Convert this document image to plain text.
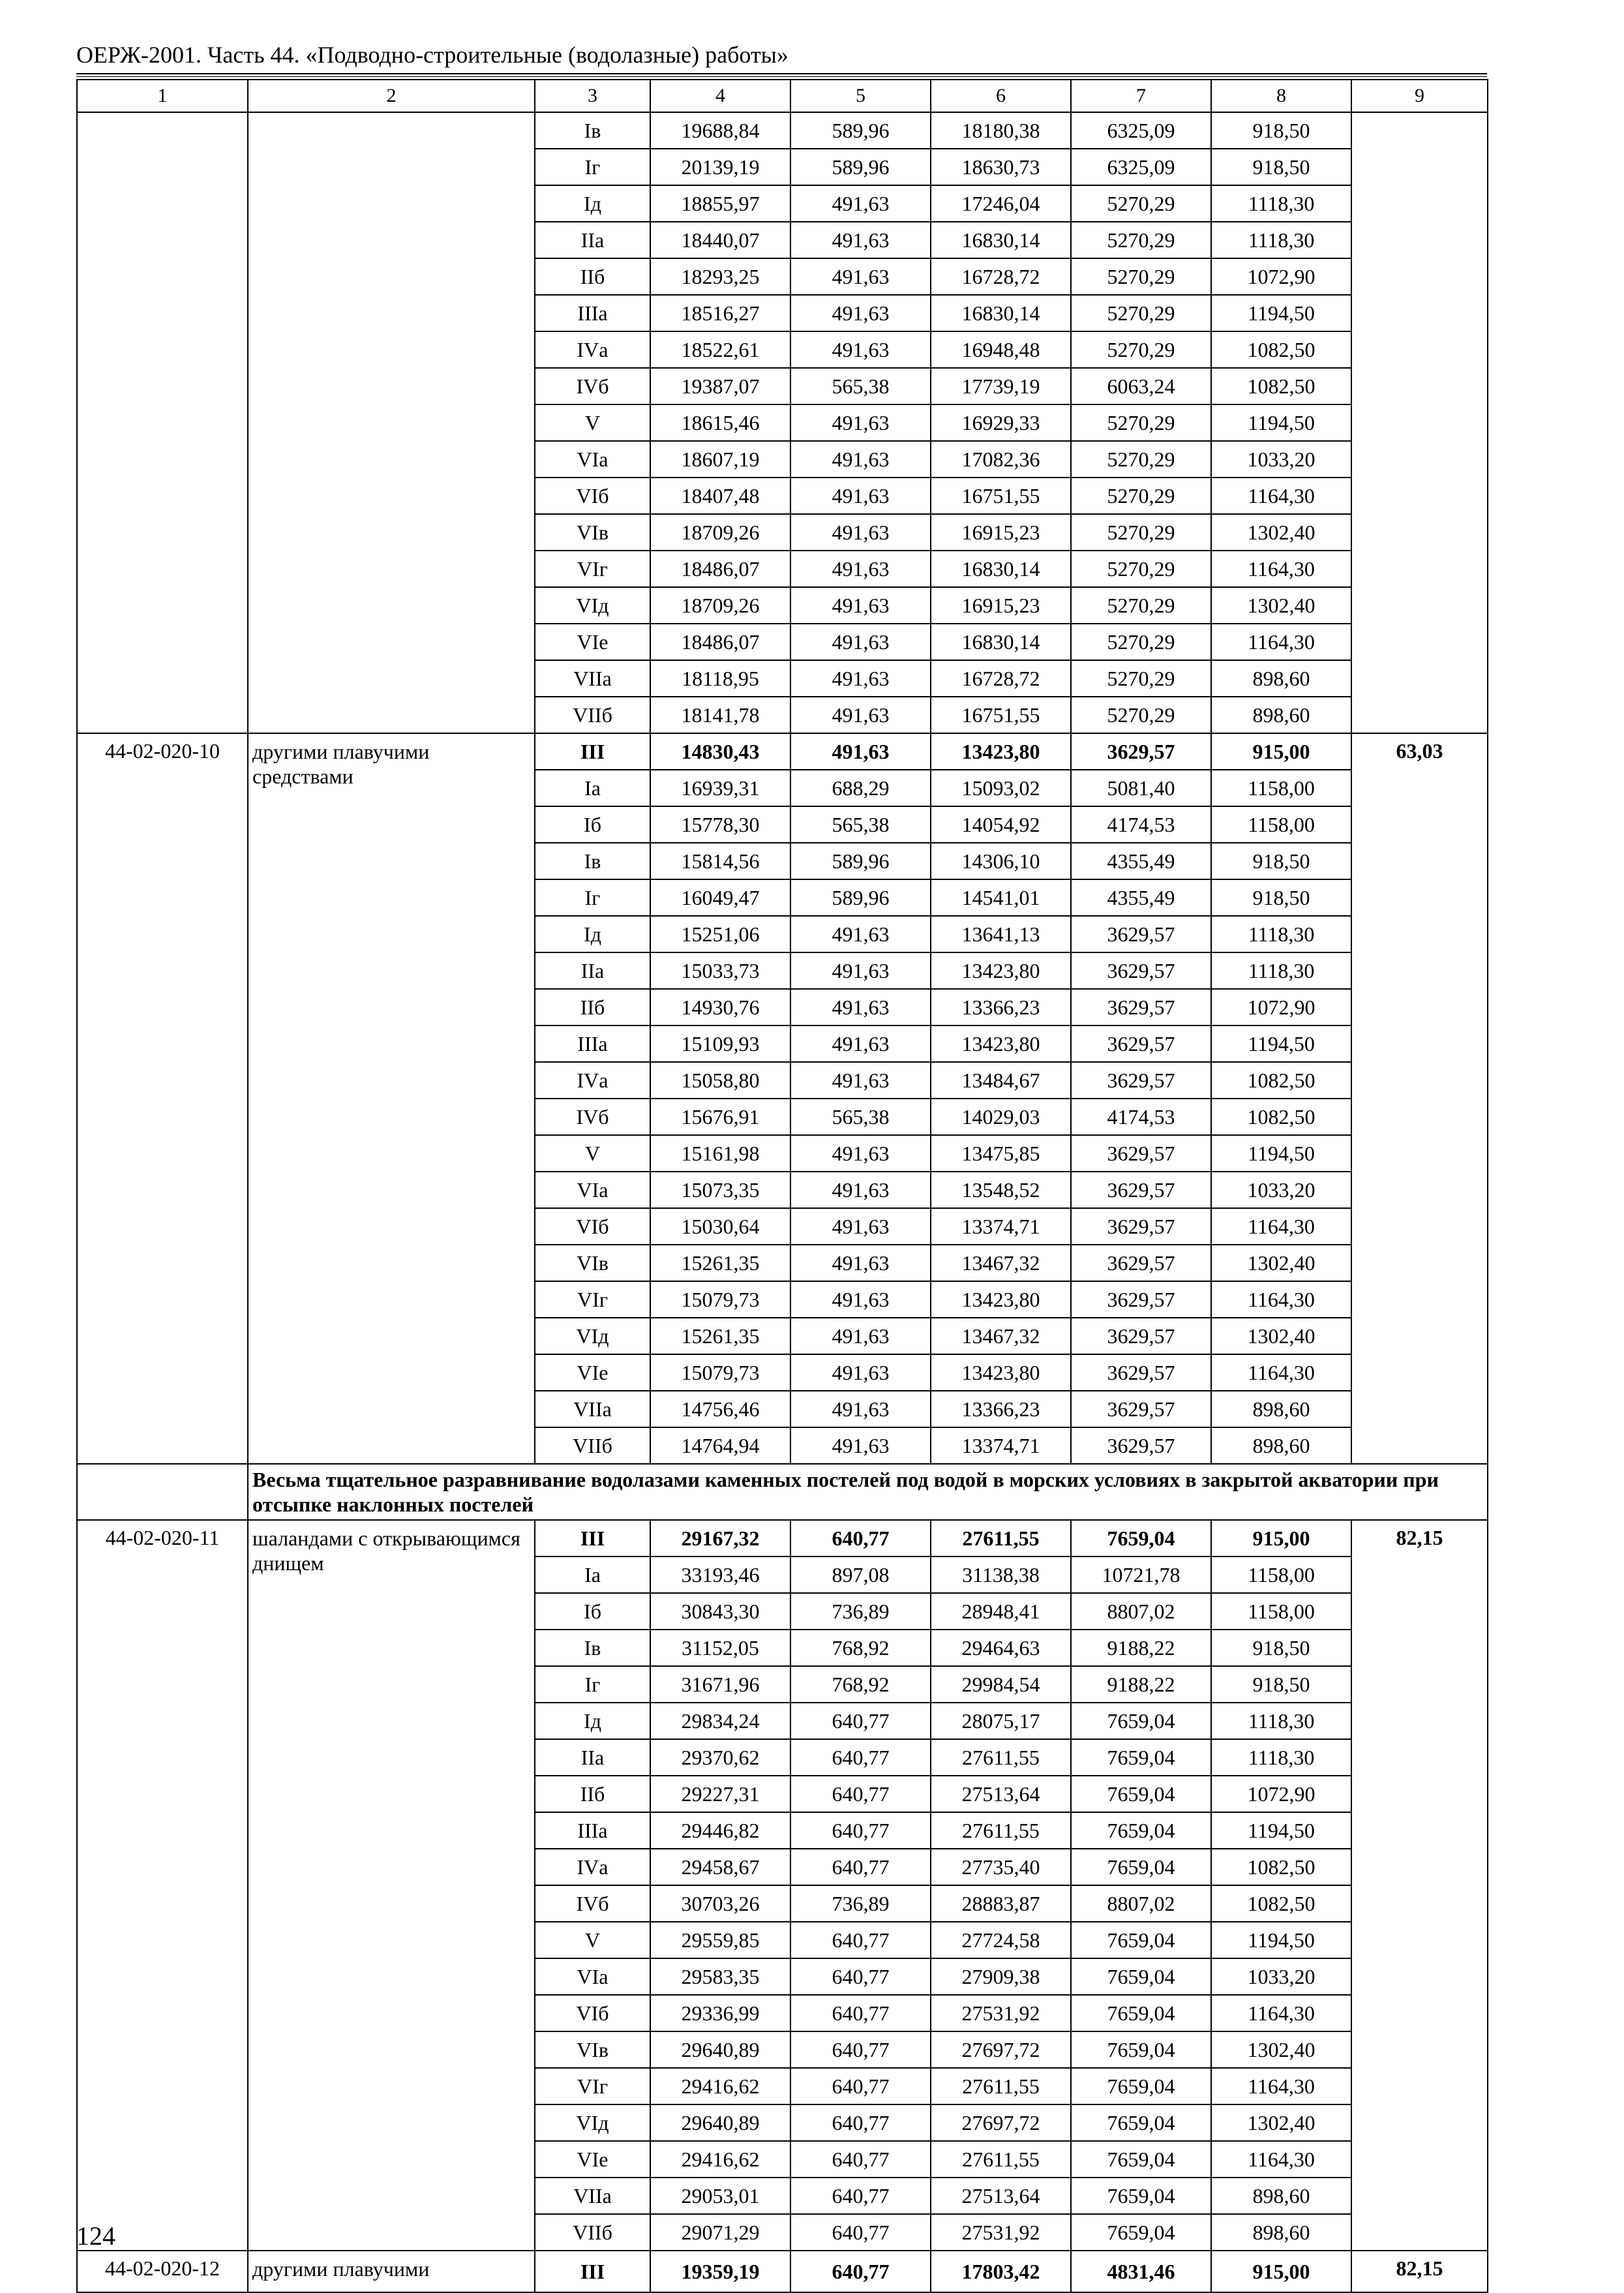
ОЕРЖ-2001. Часть 44. «Подводно-строительные (водолазные) работы»
1	2	3	4	5	6	7	8	9
		Iв	19688,84	589,96	18180,38	6325,09	918,50	
		Iг	20139,19	589,96	18630,73	6325,09	918,50	
		Iд	18855,97	491,63	17246,04	5270,29	1118,30	
		IIа	18440,07	491,63	16830,14	5270,29	1118,30	
		IIб	18293,25	491,63	16728,72	5270,29	1072,90	
		IIIа	18516,27	491,63	16830,14	5270,29	1194,50	
		IVа	18522,61	491,63	16948,48	5270,29	1082,50	
		IVб	19387,07	565,38	17739,19	6063,24	1082,50	
		V	18615,46	491,63	16929,33	5270,29	1194,50	
		VIа	18607,19	491,63	17082,36	5270,29	1033,20	
		VIб	18407,48	491,63	16751,55	5270,29	1164,30	
		VIв	18709,26	491,63	16915,23	5270,29	1302,40	
		VIг	18486,07	491,63	16830,14	5270,29	1164,30	
		VIд	18709,26	491,63	16915,23	5270,29	1302,40	
		VIе	18486,07	491,63	16830,14	5270,29	1164,30	
		VIIа	18118,95	491,63	16728,72	5270,29	898,60	
		VIIб	18141,78	491,63	16751,55	5270,29	898,60	
44-02-020-10	другими плавучими средствами	III	14830,43	491,63	13423,80	3629,57	915,00	63,03
		Iа	16939,31	688,29	15093,02	5081,40	1158,00	
		Iб	15778,30	565,38	14054,92	4174,53	1158,00	
		Iв	15814,56	589,96	14306,10	4355,49	918,50	
		Iг	16049,47	589,96	14541,01	4355,49	918,50	
		Iд	15251,06	491,63	13641,13	3629,57	1118,30	
		IIа	15033,73	491,63	13423,80	3629,57	1118,30	
		IIб	14930,76	491,63	13366,23	3629,57	1072,90	
		IIIа	15109,93	491,63	13423,80	3629,57	1194,50	
		IVа	15058,80	491,63	13484,67	3629,57	1082,50	
		IVб	15676,91	565,38	14029,03	4174,53	1082,50	
		V	15161,98	491,63	13475,85	3629,57	1194,50	
		VIа	15073,35	491,63	13548,52	3629,57	1033,20	
		VIб	15030,64	491,63	13374,71	3629,57	1164,30	
		VIв	15261,35	491,63	13467,32	3629,57	1302,40	
		VIг	15079,73	491,63	13423,80	3629,57	1164,30	
		VIд	15261,35	491,63	13467,32	3629,57	1302,40	
		VIе	15079,73	491,63	13423,80	3629,57	1164,30	
		VIIа	14756,46	491,63	13366,23	3629,57	898,60	
		VIIб	14764,94	491,63	13374,71	3629,57	898,60	
	Весьма тщательное разравнивание водолазами каменных постелей под водой в морских условиях в закрытой акватории при отсыпке наклонных постелей							
44-02-020-11	шаландами с открывающимся днищем	III	29167,32	640,77	27611,55	7659,04	915,00	82,15
		Iа	33193,46	897,08	31138,38	10721,78	1158,00	
		Iб	30843,30	736,89	28948,41	8807,02	1158,00	
		Iв	31152,05	768,92	29464,63	9188,22	918,50	
		Iг	31671,96	768,92	29984,54	9188,22	918,50	
		Iд	29834,24	640,77	28075,17	7659,04	1118,30	
		IIа	29370,62	640,77	27611,55	7659,04	1118,30	
		IIб	29227,31	640,77	27513,64	7659,04	1072,90	
		IIIа	29446,82	640,77	27611,55	7659,04	1194,50	
		IVа	29458,67	640,77	27735,40	7659,04	1082,50	
		IVб	30703,26	736,89	28883,87	8807,02	1082,50	
		V	29559,85	640,77	27724,58	7659,04	1194,50	
		VIа	29583,35	640,77	27909,38	7659,04	1033,20	
		VIб	29336,99	640,77	27531,92	7659,04	1164,30	
		VIв	29640,89	640,77	27697,72	7659,04	1302,40	
		VIг	29416,62	640,77	27611,55	7659,04	1164,30	
		VIд	29640,89	640,77	27697,72	7659,04	1302,40	
		VIе	29416,62	640,77	27611,55	7659,04	1164,30	
		VIIа	29053,01	640,77	27513,64	7659,04	898,60	
		VIIб	29071,29	640,77	27531,92	7659,04	898,60	
44-02-020-12	другими плавучими	III	19359,19	640,77	17803,42	4831,46	915,00	82,15
124
